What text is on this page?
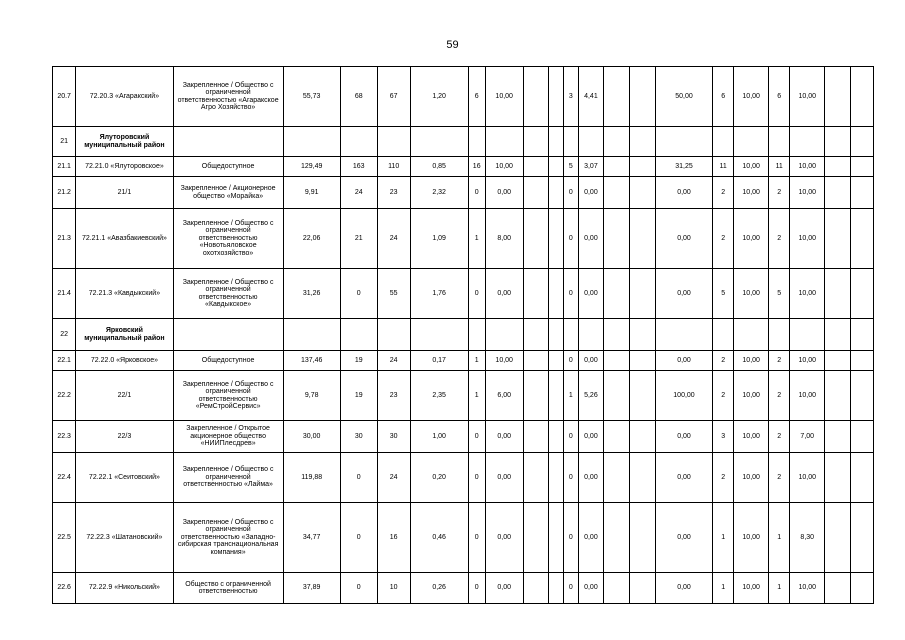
59
20.7	72.20.3 «Агаракский»	Закрепленное / Общество с ограниченной ответственностью «Агаракское Агро Хозяйство»	55,73	68	67	1,20	6	10,00			3	4,41			50,00	6	10,00	6	10,00		
21	Ялуторовский муниципальный район																				
21.1	72.21.0 «Ялуторовское»	Общедоступное	129,49	163	110	0,85	16	10,00			5	3,07			31,25	11	10,00	11	10,00		
21.2	21/1	Закрепленное / Акционерное общество «Морайка»	9,91	24	23	2,32	0	0,00			0	0,00			0,00	2	10,00	2	10,00		
21.3	72.21.1 «Авазбакиевский»	Закрепленное / Общество с ограниченной ответственностью «Новотьяловское охотхозяйство»	22,06	21	24	1,09	1	8,00			0	0,00			0,00	2	10,00	2	10,00		
21.4	72.21.3 «Кавдыкский»	Закрепленное / Общество с ограниченной ответственностью «Кавдыкское»	31,26	0	55	1,76	0	0,00			0	0,00			0,00	5	10,00	5	10,00		
22	Ярковский муниципальный район																				
22.1	72.22.0 «Ярковское»	Общедоступное	137,46	19	24	0,17	1	10,00			0	0,00			0,00	2	10,00	2	10,00		
22.2	22/1	Закрепленное / Общество с ограниченной ответственностью «РемСтройСервис»	9,78	19	23	2,35	1	6,00			1	5,26			100,00	2	10,00	2	10,00		
22.3	22/3	Закрепленное / Открытое акционерное общество «НИИПлесдрев»	30,00	30	30	1,00	0	0,00			0	0,00			0,00	3	10,00	2	7,00		
22.4	72.22.1 «Сеитовский»	Закрепленное / Общество с ограниченной ответственностью «Лайма»	119,88	0	24	0,20	0	0,00			0	0,00			0,00	2	10,00	2	10,00		
22.5	72.22.3 «Шатановский»	Закрепленное / Общество с ограниченной ответственностью «Западно-сибирская транснациональная компания»	34,77	0	16	0,46	0	0,00			0	0,00			0,00	1	10,00	1	8,30		
22.6	72.22.9 «Никольский»	Общество с ограниченной ответственностью	37,89	0	10	0,26	0	0,00			0	0,00			0,00	1	10,00	1	10,00		
